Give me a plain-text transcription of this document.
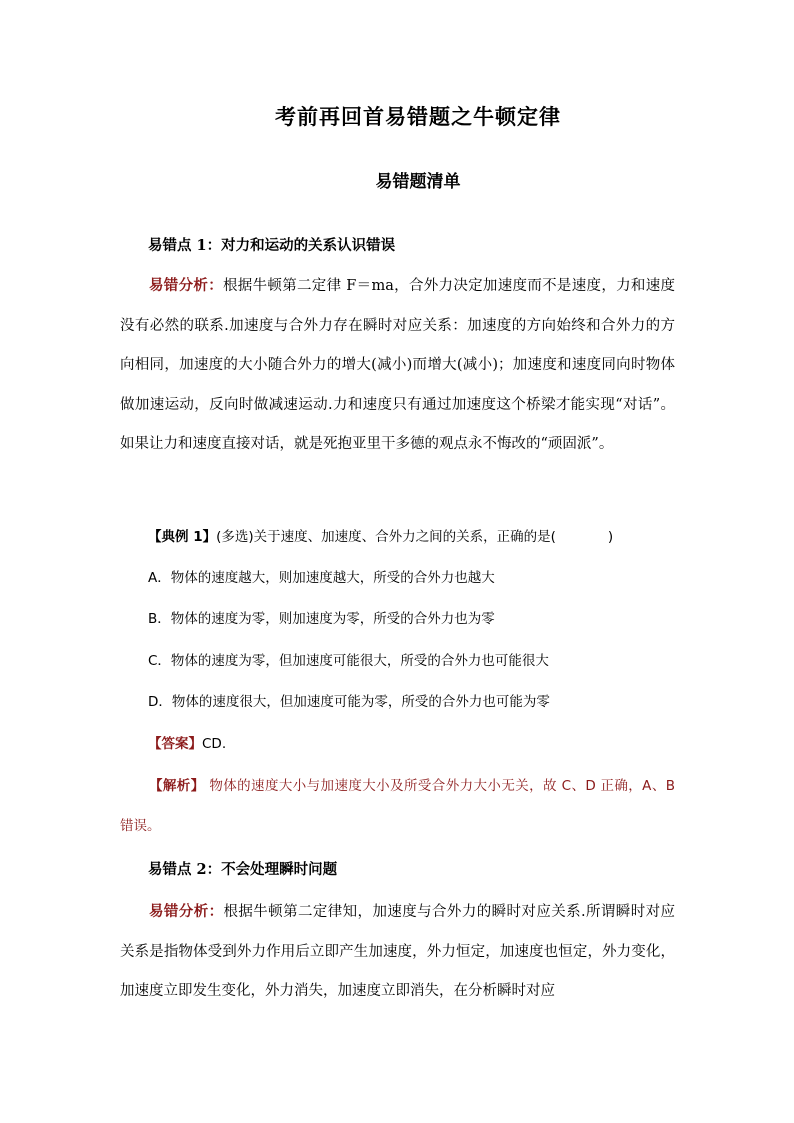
考前再回首易错题之牛顿定律
易错题清单
易错点 1：对力和运动的关系认识错误

易错分析：根据牛顿第二定律 F＝ma，合外力决定加速度而不是速度，力和速度没有必然的联系.加速度与合外力存在瞬时对应关系：加速度的方向始终和合外力的方向相同，加速度的大小随合外力的增大(减小)而增大(减小)；加速度和速度同向时物体做加速运动，反向时做减速运动.力和速度只有通过加速度这个桥梁才能实现“对话”。如果让力和速度直接对话，就是死抱亚里干多德的观点永不悔改的“顽固派”。

【典例 1】(多选)关于速度、加速度、合外力之间的关系，正确的是(	)
A．物体的速度越大，则加速度越大，所受的合外力也越大
B．物体的速度为零，则加速度为零，所受的合外力也为零
C．物体的速度为零，但加速度可能很大，所受的合外力也可能很大
D．物体的速度很大，但加速度可能为零，所受的合外力也可能为零
【答案】CD.

【解析】 物体的速度大小与加速度大小及所受合外力大小无关，故 C、D 正确，A、B 错误。

易错点 2：不会处理瞬时问题

易错分析：根据牛顿第二定律知，加速度与合外力的瞬时对应关系.所谓瞬时对应关系是指物体受到外力作用后立即产生加速度，外力恒定，加速度也恒定，外力变化，加速度立即发生变化，外力消失，加速度立即消失，在分析瞬时对应
